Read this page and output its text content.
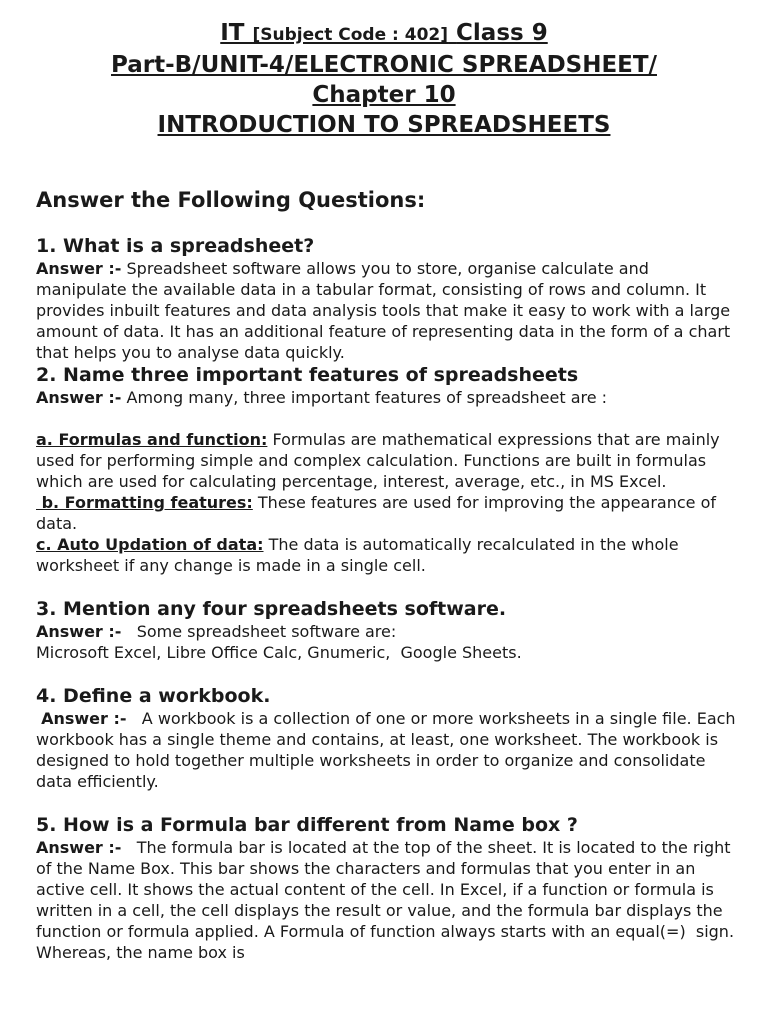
IT [Subject Code : 402] Class 9
Part-B/UNIT-4/ELECTRONIC SPREADSHEET/
Chapter 10
INTRODUCTION TO SPREADSHEETS

Answer the Following Questions:

1. What is a spreadsheet?

Answer :- Spreadsheet software allows you to store, organise calculate and manipulate the available data in a tabular format, consisting of rows and column. It provides inbuilt features and data analysis tools that make it easy to work with a large amount of data. It has an additional feature of representing data in the form of a chart that helps you to analyse data quickly.

2. Name three important features of spreadsheets

Answer :- Among many, three important features of spreadsheet are :

a. Formulas and function: Formulas are mathematical expressions that are mainly used for performing simple and complex calculation. Functions are built in formulas which are used for calculating percentage, interest, average, etc., in MS Excel.

b. Formatting features: These features are used for improving the appearance of data.

c. Auto Updation of data: The data is automatically recalculated in the whole worksheet if any change is made in a single cell.

3. Mention any four spreadsheets software.

Answer :-   Some spreadsheet software are:

Microsoft Excel, Libre Office Calc, Gnumeric,  Google Sheets.

4. Define a workbook.

Answer :-   A workbook is a collection of one or more worksheets in a single file. Each workbook has a single theme and contains, at least, one worksheet. The workbook is designed to hold together multiple worksheets in order to organize and consolidate data efficiently.

5. How is a Formula bar different from Name box ?

Answer :-   The formula bar is located at the top of the sheet. It is located to the right of the Name Box. This bar shows the characters and formulas that you enter in an active cell. It shows the actual content of the cell. In Excel, if a function or formula is written in a cell, the cell displays the result or value, and the formula bar displays the function or formula applied. A Formula of function always starts with an equal(=)  sign. Whereas, the name box is
